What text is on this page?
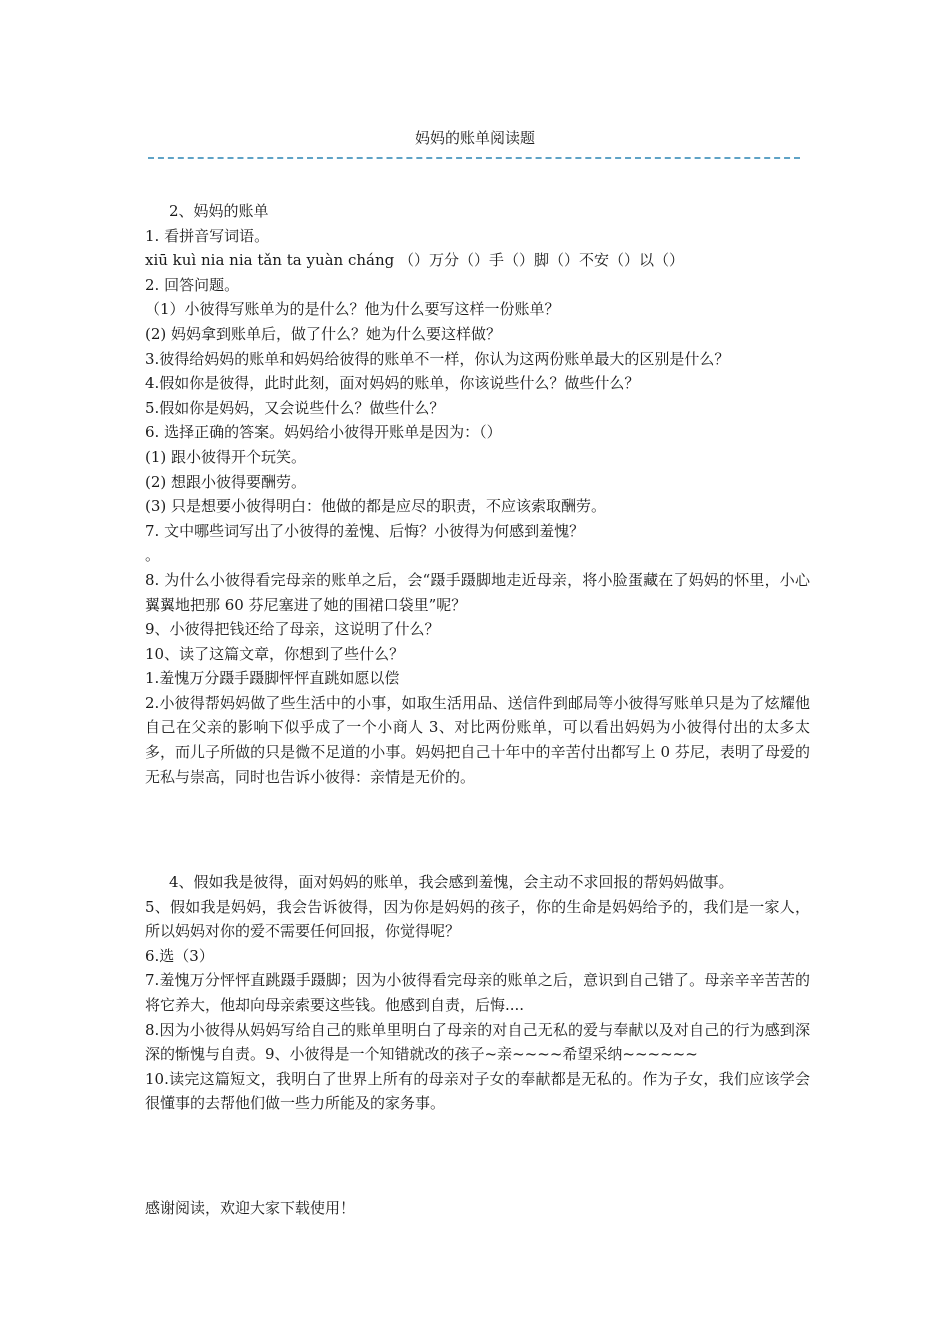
妈妈的账单阅读题

2、妈妈的账单

1. 看拼音写词语。

xiū kuì nia nia tǎn ta yuàn cháng （）万分（）手（）脚（）不安（）以（）

2. 回答问题。

（1）小彼得写账单为的是什么？他为什么要写这样一份账单？

(2) 妈妈拿到账单后，做了什么？她为什么要这样做？

3.彼得给妈妈的账单和妈妈给彼得的账单不一样，你认为这两份账单最大的区别是什么？

4.假如你是彼得，此时此刻，面对妈妈的账单，你该说些什么？做些什么？

5.假如你是妈妈，又会说些什么？做些什么？

6. 选择正确的答案。妈妈给小彼得开账单是因为：（）

(1) 跟小彼得开个玩笑。

(2) 想跟小彼得要酬劳。

(3) 只是想要小彼得明白：他做的都是应尽的职责，不应该索取酬劳。

7. 文中哪些词写出了小彼得的羞愧、后悔？小彼得为何感到羞愧？

。

8. 为什么小彼得看完母亲的账单之后，会“蹑手蹑脚地走近母亲，将小脸蛋藏在了妈妈的怀里，小心翼翼地把那 60 芬尼塞进了她的围裙口袋里”呢？

9、小彼得把钱还给了母亲，这说明了什么？

10、读了这篇文章，你想到了些什么？

1.羞愧万分蹑手蹑脚怦怦直跳如愿以偿

2.小彼得帮妈妈做了些生活中的小事，如取生活用品、送信件到邮局等小彼得写账单只是为了炫耀他自己在父亲的影响下似乎成了一个小商人 3、对比两份账单，可以看出妈妈为小彼得付出的太多太多，而儿子所做的只是微不足道的小事。妈妈把自己十年中的辛苦付出都写上 0 芬尼，表明了母爱的无私与崇高，同时也告诉小彼得：亲情是无价的。

4、假如我是彼得，面对妈妈的账单，我会感到羞愧，会主动不求回报的帮妈妈做事。

5、假如我是妈妈，我会告诉彼得，因为你是妈妈的孩子，你的生命是妈妈给予的，我们是一家人，所以妈妈对你的爱不需要任何回报，你觉得呢？

6.选（3）

7.羞愧万分怦怦直跳蹑手蹑脚；因为小彼得看完母亲的账单之后，意识到自己错了。母亲辛辛苦苦的将它养大，他却向母亲索要这些钱。他感到自责，后悔....

8.因为小彼得从妈妈写给自己的账单里明白了母亲的对自己无私的爱与奉献以及对自己的行为感到深深的惭愧与自责。9、小彼得是一个知错就改的孩子~亲~~~~希望采纳~~~~~~

10.读完这篇短文，我明白了世界上所有的母亲对子女的奉献都是无私的。作为子女，我们应该学会很懂事的去帮他们做一些力所能及的家务事。

感谢阅读，欢迎大家下载使用！
